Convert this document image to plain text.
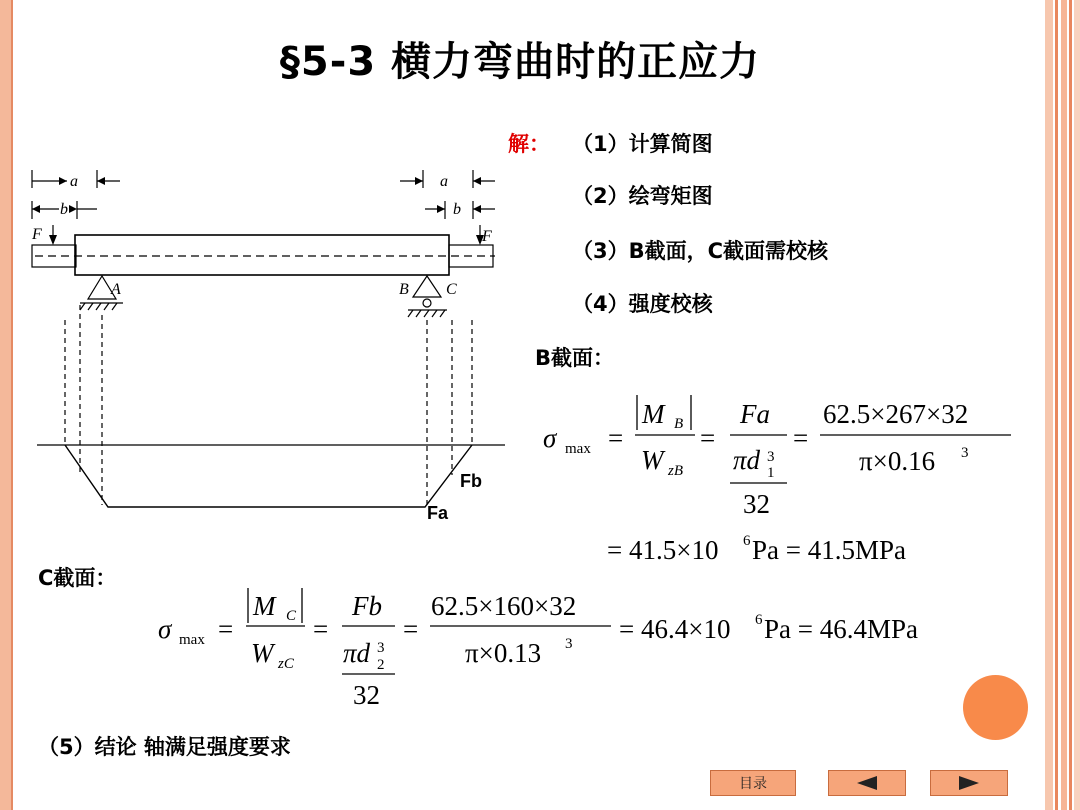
§5-3 横力弯曲时的正应力
解： （1）计算简图
（2）绘弯矩图
（3）B截面，C截面需校核
（4）强度校核
B截面：
C截面：
（5）结论 轴满足强度要求
a
b
a
b
F	F
A	B C
Fb
Fa
σ max =
M B
W zB
=
Fa
πd 3
1
32
=
62.5×267×32
π×0.16 3
= 41.5×10 6 Pa = 41.5MPa
σ max =
M C
W zC
=
Fb
πd 3
2
32
=
62.5×160×32
π×0.13 3 = 46.4×10 6 Pa = 46.4MPa
目录
